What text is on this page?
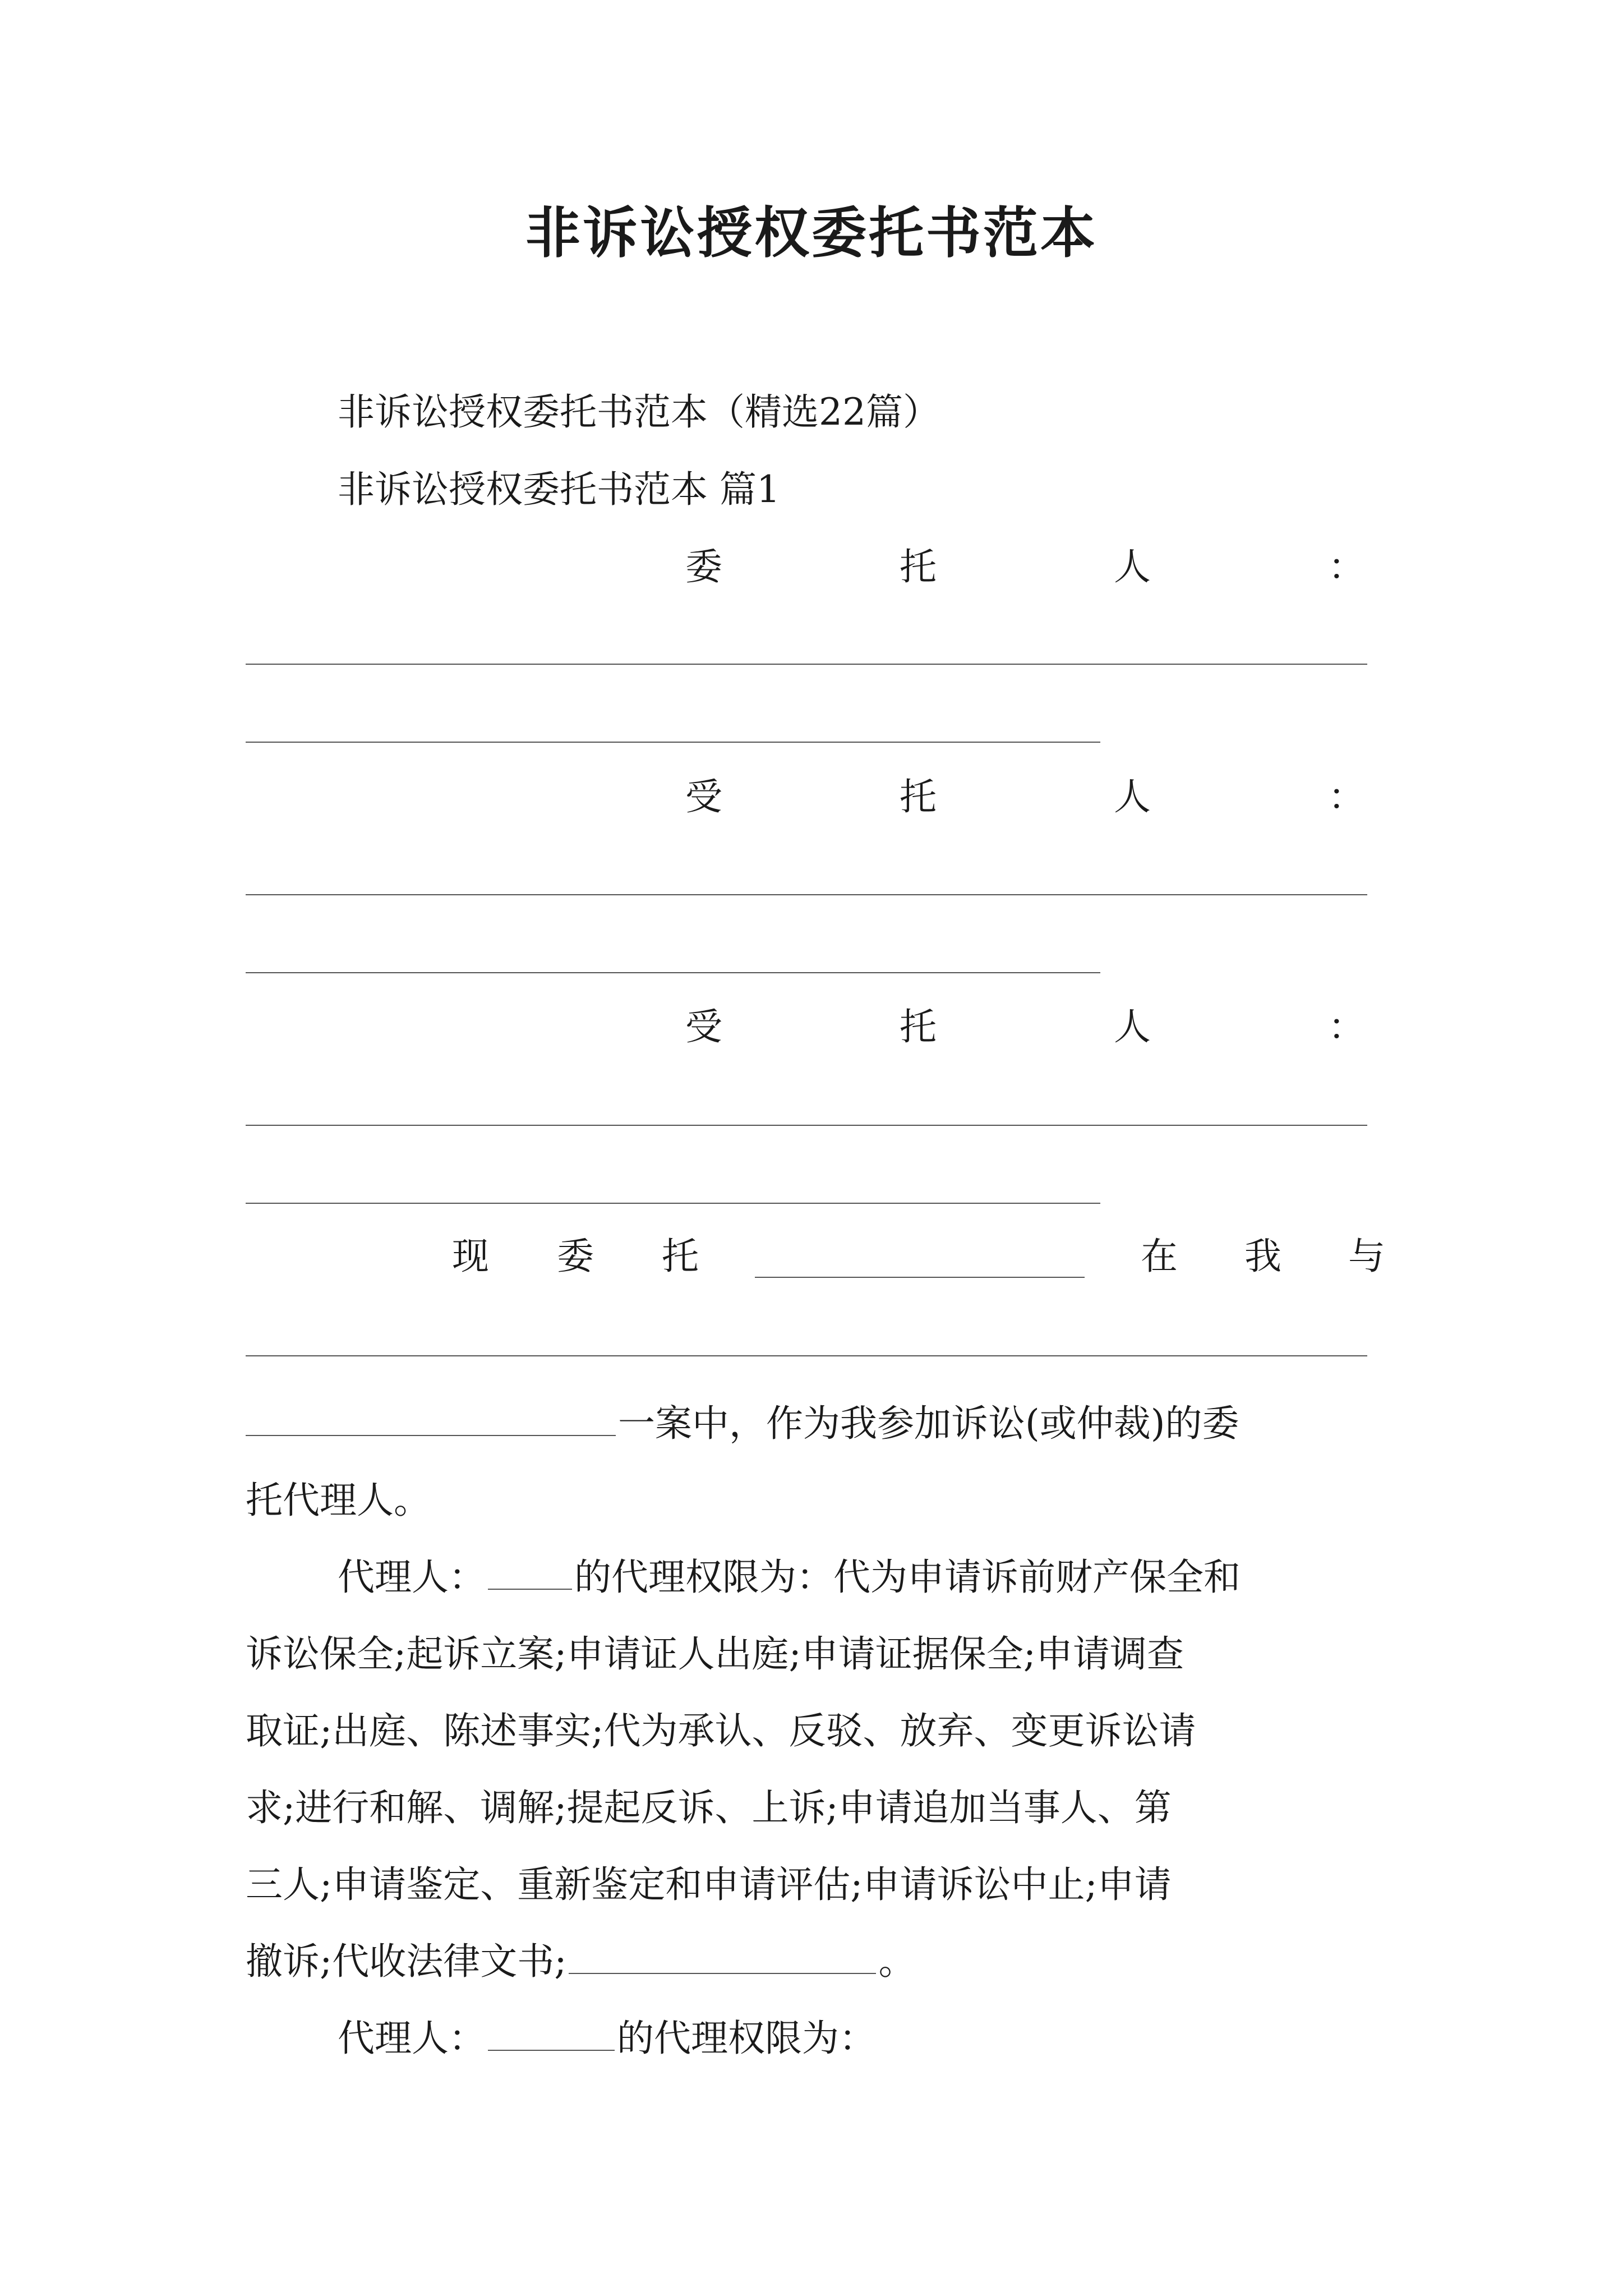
非诉讼授权委托书范本
非诉讼授权委托书范本（精选22篇）
非诉讼授权委托书范本 篇1
委	托	人	：
受	托	人	：
受	托	人	：
现 委 托	在 我 与
一案中，作为我参加诉讼(或仲裁)的委
托代理人。
代理人： 的代理权限为：代为申请诉前财产保全和
诉讼保全;起诉立案;申请证人出庭;申请证据保全;申请调查
取证;出庭、陈述事实;代为承认、反驳、放弃、变更诉讼请
求;进行和解、调解;提起反诉、上诉;申请追加当事人、第
三人;申请鉴定、重新鉴定和申请评估;申请诉讼中止;申请
撤诉;代收法律文书;	。
代理人：	的代理权限为：
